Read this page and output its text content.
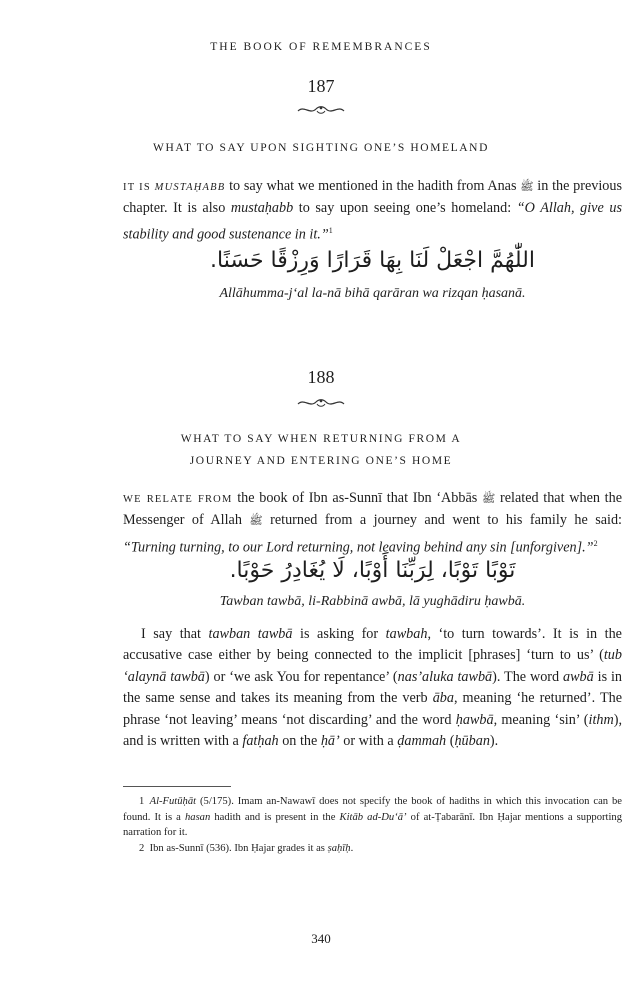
THE BOOK OF REMEMBRANCES
187
WHAT TO SAY UPON SIGHTING ONE’S HOMELAND

IT IS MUSTAḤABB to say what we mentioned in the hadith from Anas ﷺ in the previous chapter. It is also mustaḥabb to say upon seeing one’s homeland: “O Allah, give us stability and good sustenance in it.”$^1$

اللّٰهُمَّ اجْعَلْ لَنَا بِهَا قَرَارًا وَرِزْقًا حَسَنًا.
Allāhumma-j‘al la-nā bihā qarāran wa rizqan ḥasanā.
188
WHAT TO SAY WHEN RETURNING FROM A
JOURNEY AND ENTERING ONE’S HOME

WE RELATE FROM the book of Ibn as-Sunnī that Ibn ‘Abbās ﷺ related that when the Messenger of Allah ﷺ returned from a journey and went to his family he said: “Turning turning, to our Lord returning, not leaving behind any sin [unforgiven].”$^2$

تَوْبًا تَوْبًا، لِرَبِّنَا أَوْبًا، لَا يُغَادِرُ حَوْبًا.
Tawban tawbā, li-Rabbinā awbā, lā yughādiru ḥawbā.

I say that tawban tawbā is asking for tawbah, ‘to turn towards’. It is in the accusative case either by being connected to the implicit [phrases] ‘turn to us’ (tub ‘alaynā tawbā) or ‘we ask You for repentance’ (nas’aluka tawbā). The word awbā is in the same sense and takes its meaning from the verb āba, meaning ‘he returned’. The phrase ‘not leaving’ means ‘not discarding’ and the word ḥawbā, meaning ‘sin’ (ithm), and is written with a fatḥah on the ḥā’ or with a ḍammah (ḥūban).

1 Al-Futūḥāt (5/175). Imam an-Nawawī does not specify the book of hadiths in which this invocation can be found. It is a hasan hadith and is present in the Kitāb ad-Du‘ā’ of at-Ṭabarānī. Ibn Ḥajar mentions a supporting narration for it.

2 Ibn as-Sunnī (536). Ibn Ḥajar grades it as ṣaḥīḥ.

340
